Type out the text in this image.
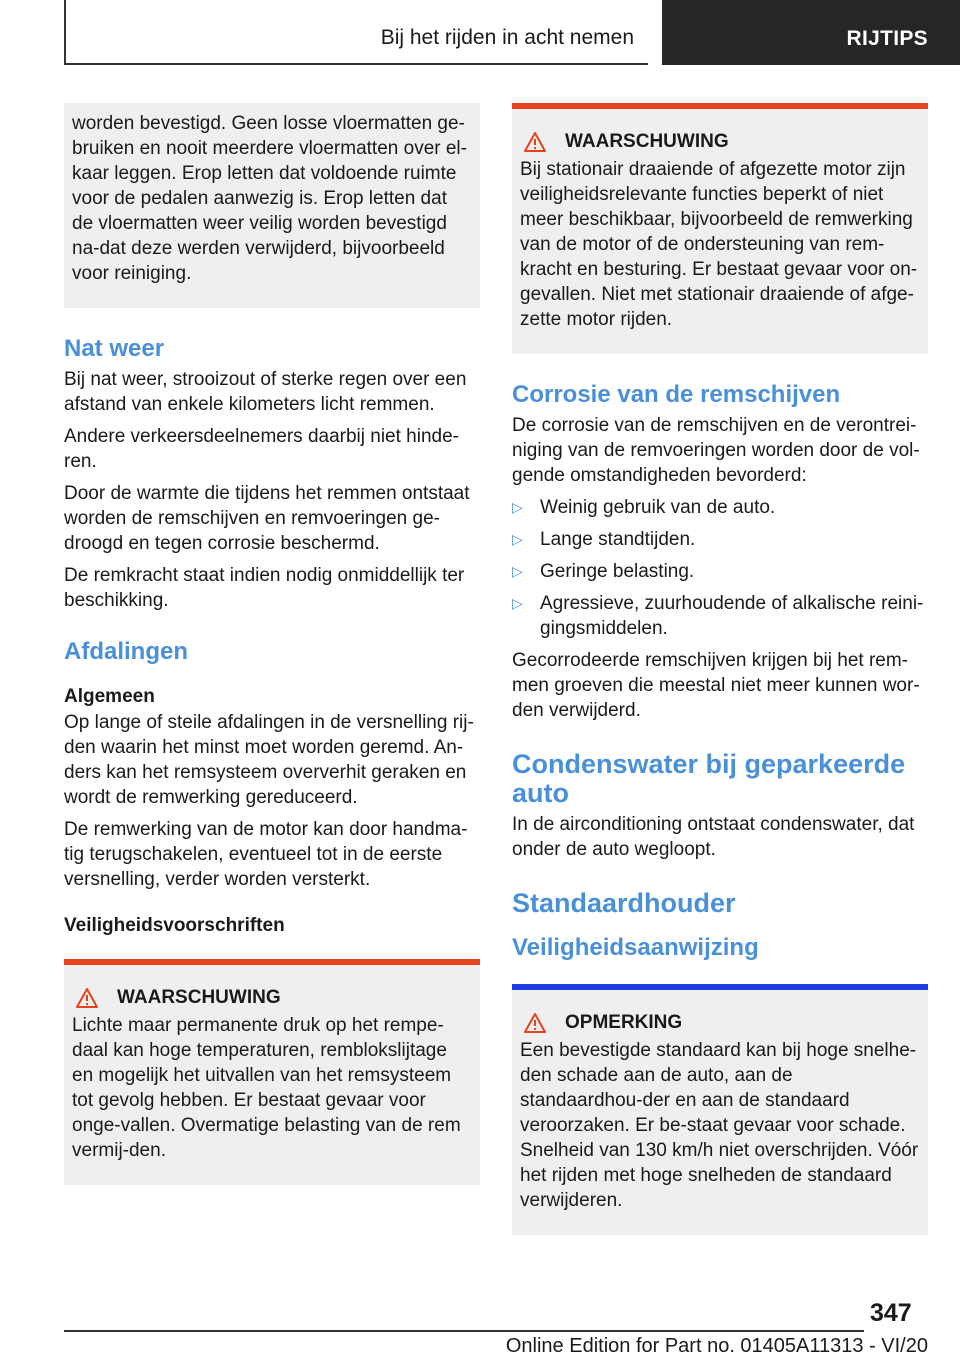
Bij het rijden in acht nemen	RIJTIPS

worden bevestigd. Geen losse vloermatten ge-bruiken en nooit meerdere vloermatten over el-kaar leggen. Erop letten dat voldoende ruimte voor de pedalen aanwezig is. Erop letten dat de vloermatten weer veilig worden bevestigd na-dat deze werden verwijderd, bijvoorbeeld voor reiniging.

Nat weer

Bij nat weer, strooizout of sterke regen over een afstand van enkele kilometers licht remmen.

Andere verkeersdeelnemers daarbij niet hinde-ren.

Door de warmte die tijdens het remmen ontstaat worden de remschijven en remvoeringen ge-droogd en tegen corrosie beschermd.

De remkracht staat indien nodig onmiddellijk ter beschikking.

Afdalingen
Algemeen

Op lange of steile afdalingen in de versnelling rij-den waarin het minst moet worden geremd. An-ders kan het remsysteem oververhit geraken en wordt de remwerking gereduceerd.

De remwerking van de motor kan door handma-tig terugschakelen, eventueel tot in de eerste versnelling, verder worden versterkt.

Veiligheidsvoorschriften
WAARSCHUWING

Lichte maar permanente druk op het rempe-daal kan hoge temperaturen, remblokslijtage en mogelijk het uitvallen van het remsysteem tot gevolg hebben. Er bestaat gevaar voor onge-vallen. Overmatige belasting van de rem vermij-den.

WAARSCHUWING

Bij stationair draaiende of afgezette motor zijn veiligheidsrelevante functies beperkt of niet meer beschikbaar, bijvoorbeeld de remwerking van de motor of de ondersteuning van rem-kracht en besturing. Er bestaat gevaar voor on-gevallen. Niet met stationair draaiende of afge-zette motor rijden.

Corrosie van de remschijven

De corrosie van de remschijven en de verontrei-niging van de remvoeringen worden door de vol-gende omstandigheden bevorderd:

▷ Weinig gebruik van de auto.
▷ Lange standtijden.
▷ Geringe belasting.
▷ Agressieve, zuurhoudende of alkalische reini-gingsmiddelen.

Gecorrodeerde remschijven krijgen bij het rem-men groeven die meestal niet meer kunnen wor-den verwijderd.

Condenswater bij geparkeerde auto

In de airconditioning ontstaat condenswater, dat onder de auto wegloopt.

Standaardhouder
Veiligheidsaanwijzing
OPMERKING

Een bevestigde standaard kan bij hoge snelhe-den schade aan de auto, aan de standaardhou-der en aan de standaard veroorzaken. Er be-staat gevaar voor schade. Snelheid van 130 km/h niet overschrijden. Vóór het rijden met hoge snelheden de standaard verwijderen.

347
Online Edition for Part no. 01405A11313 - VI/20
